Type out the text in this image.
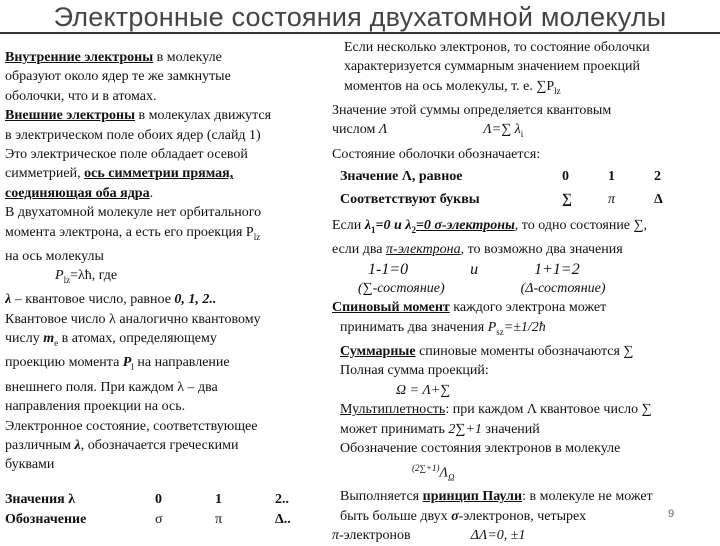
Электронные состояния двухатомной молекулы
Внутренние электроны в молекуле
образуют около ядер те же замкнутые
оболочки, что и в атомах.
Внешние электроны в молекулах движутся
в электрическом поле обоих ядер (слайд 1)
Это электрическое поле обладает осевой
симметрией, ось симметрии прямая,
соединяющая оба ядра.
В двухатомной молекуле нет орбитального
момента электрона, а есть его проекция $P_{lz}$
на ось молекулы
$P_{lz}=\lambda ħ$, где
λ – квантовое число, равное 0, 1, 2..
Квантовое число λ аналогично квантовому
числу $m_e$ в атомах, определяющему
проекцию момента $P_l$ на направление
внешнего поля. При каждом λ – два
направления проекции на ось.
Электронное состояние, соответствующее
различным λ, обозначается греческими
буквами
Значения λ	0	1	2..
Обозначение	σ	π	Δ..
Если несколько электронов, то состояние оболочки
характеризуется суммарным значением проекций
моментов на ось молекулы, т. е. $\sum P_{lz}$
Значение этой суммы определяется квантовым
числом Λ	Λ=∑ $\lambda_i$
Состояние оболочки обозначается:
Если $\lambda_1=0$ и $\lambda_2=0$ σ-электроны, то одно состояние ∑,
если два π-электрона, то возможно два значения
1-1=0	и	1+1=2
(∑-состояние)	(Δ-состояние)
Спиновый момент каждого электрона может
принимать два значения $P_{sz}=\pm 1/2ħ$
Суммарные спиновые моменты обозначаются ∑
Полная сумма проекций:
Ω = Λ+∑
Мультиплетность: при каждом Λ квантовое число ∑
может принимать 2∑+1 значений
Обозначение состояния электронов в молекуле
$^{(2\sum+1)}\Lambda_\Omega$
Выполняется принцип Паули: в молекуле не может
быть больше двух σ-электронов, четырех
π-электронов	ΔΛ=0, ±1
Значение Λ, равное	0	1	2
Соответствуют буквы	∑	π	Δ
9
